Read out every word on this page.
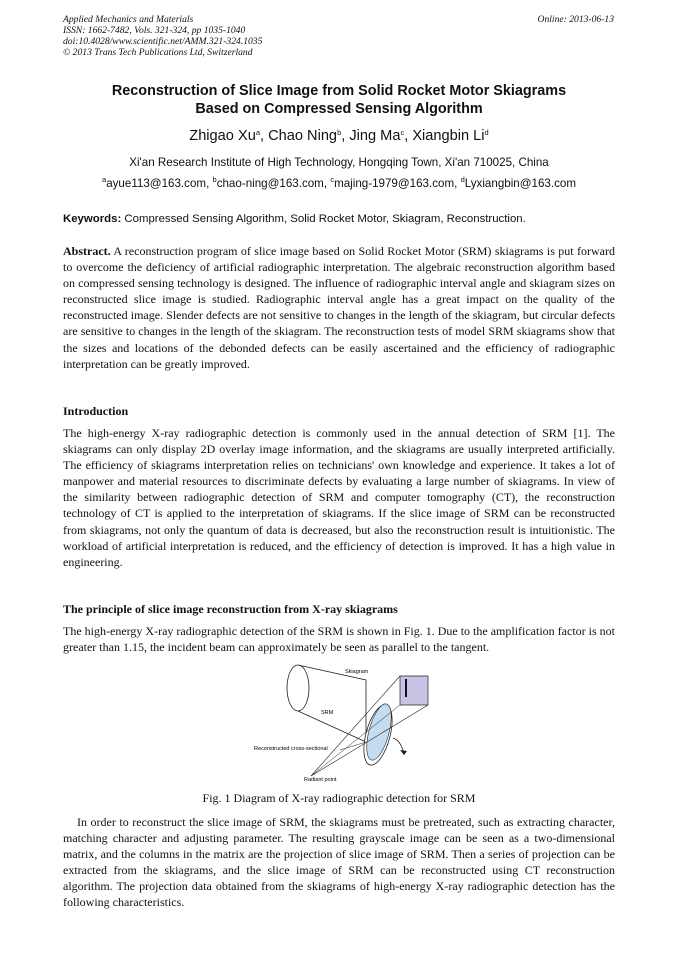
Applied Mechanics and Materials
ISSN: 1662-7482, Vols. 321-324, pp 1035-1040
doi:10.4028/www.scientific.net/AMM.321-324.1035
© 2013 Trans Tech Publications Ltd, Switzerland
Online: 2013-06-13
Reconstruction of Slice Image from Solid Rocket Motor Skiagrams
Based on Compressed Sensing Algorithm
Zhigao Xu$^a$, Chao Ning$^b$, Jing Ma$^c$, Xiangbin Li$^d$
Xi'an Research Institute of High Technology, Hongqing Town, Xi'an 710025, China
$^a$ayue113@163.com, $^b$chao-ning@163.com, $^c$majing-1979@163.com, $^d$Lyxiangbin@163.com
Keywords: Compressed Sensing Algorithm, Solid Rocket Motor, Skiagram, Reconstruction.
Abstract. A reconstruction program of slice image based on Solid Rocket Motor (SRM) skiagrams is put forward to overcome the deficiency of artificial radiographic interpretation. The algebraic reconstruction algorithm based on compressed sensing technology is designed. The influence of radiographic interval angle and skiagram sizes on reconstructed slice image is studied. Radiographic interval angle has a great impact on the quality of the reconstructed image. Slender defects are not sensitive to changes in the length of the skiagram, but circular defects are sensitive to changes in the length of the skiagram. The reconstruction tests of model SRM skiagrams show that the sizes and locations of the debonded defects can be easily ascertained and the efficiency of radiographic interpretation can be greatly improved.
Introduction
The high-energy X-ray radiographic detection is commonly used in the annual detection of SRM [1]. The skiagrams can only display 2D overlay image information, and the skiagrams are usually interpreted artificially. The efficiency of skiagrams interpretation relies on technicians' own knowledge and experience. It takes a lot of manpower and material resources to discriminate defects by evaluating a large number of skiagrams. In view of the similarity between radiographic detection of SRM and computer tomography (CT), the reconstruction technology of CT is applied to the interpretation of skiagrams. If the slice image of SRM can be reconstructed from skiagrams, not only the quantum of data is decreased, but also the reconstruction result is intuitionistic. The workload of artificial interpretation is reduced, and the efficiency of detection is improved. It has a high value in engineering.
The principle of slice image reconstruction from X-ray skiagrams
The high-energy X-ray radiographic detection of the SRM is shown in Fig. 1. Due to the amplification factor is not greater than 1.15, the incident beam can approximately be seen as parallel to the tangent.
Skiagram
SRM
Reconstructed cross-sectional
Radiant point
Fig. 1 Diagram of X-ray radiographic detection for SRM
In order to reconstruct the slice image of SRM, the skiagrams must be pretreated, such as extracting character, matching character and adjusting parameter. The resulting grayscale image can be seen as a two-dimensional matrix, and the columns in the matrix are the projection of slice image of SRM. Then a series of projection can be extracted from the skiagrams, and the slice image of SRM can be reconstructed using CT reconstruction algorithm. The projection data obtained from the skiagrams of high-energy X-ray radiographic detection has the following characteristics.
